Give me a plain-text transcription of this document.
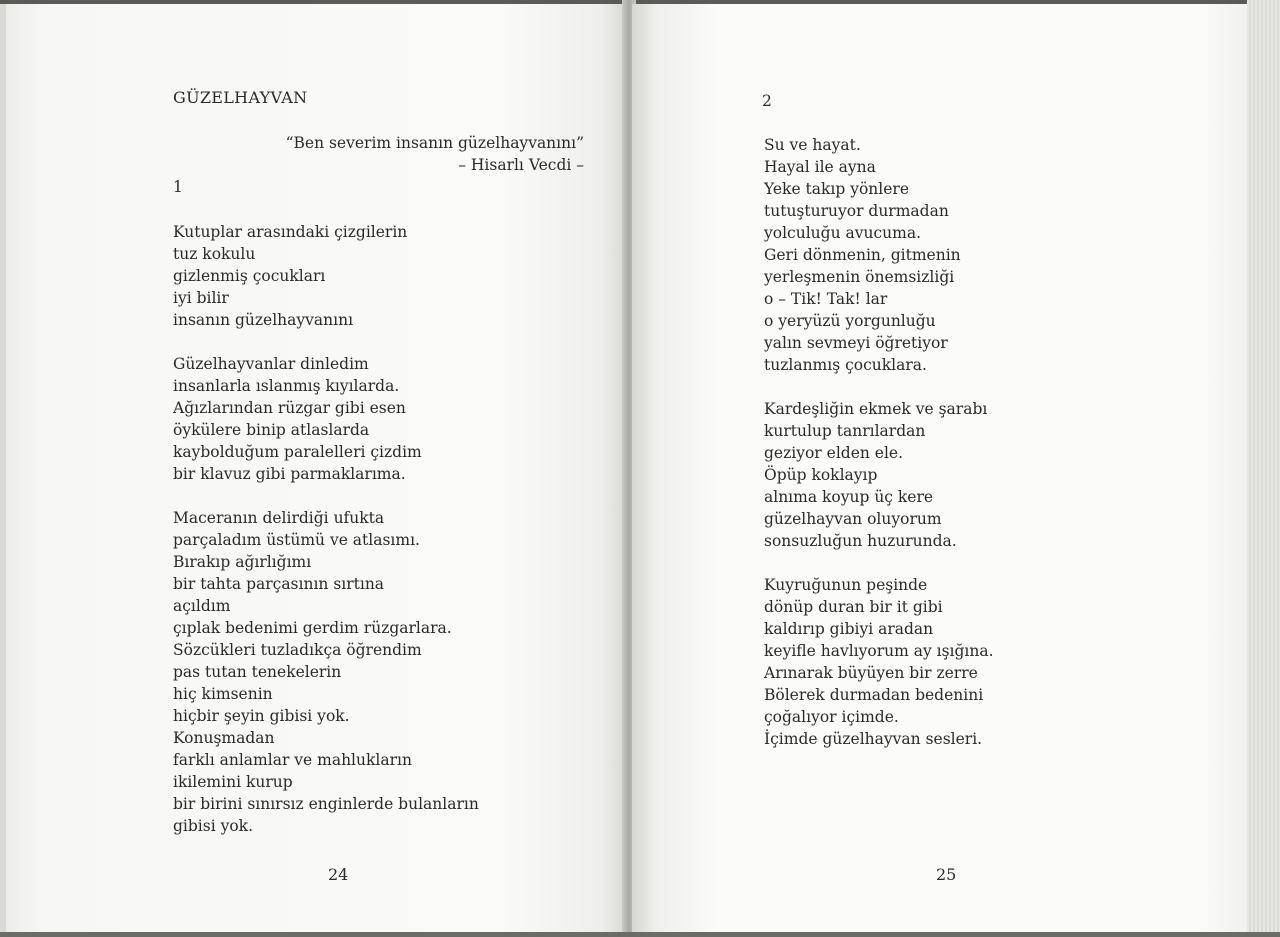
GÜZELHAYVAN
“Ben severim insanın güzelhayvanını”
– Hisarlı Vecdi –
1

Kutuplar arasındaki çizgilerin
tuz kokulu
gizlenmiş çocukları
iyi bilir
insanın güzelhayvanını

Güzelhayvanlar dinledim
insanlarla ıslanmış kıyılarda.
Ağızlarından rüzgar gibi esen
öykülere binip atlaslarda
kaybolduğum paralelleri çizdim
bir klavuz gibi parmaklarıma.

Maceranın delirdiği ufukta
parçaladım üstümü ve atlasımı.
Bırakıp ağırlığımı
bir tahta parçasının sırtına
açıldım
çıplak bedenimi gerdim rüzgarlara.
Sözcükleri tuzladıkça öğrendim
pas tutan tenekelerin
hiç kimsenin
hiçbir şeyin gibisi yok.
Konuşmadan
farklı anlamlar ve mahlukların
ikilemini kurup
bir birini sınırsız enginlerde bulanların
gibisi yok.

24
2

Su ve hayat.
Hayal ile ayna
Yeke takıp yönlere
tutuşturuyor durmadan
yolculuğu avucuma.
Geri dönmenin, gitmenin
yerleşmenin önemsizliği
o – Tik! Tak! lar
o yeryüzü yorgunluğu
yalın sevmeyi öğretiyor
tuzlanmış çocuklara.

Kardeşliğin ekmek ve şarabı
kurtulup tanrılardan
geziyor elden ele.
Öpüp koklayıp
alnıma koyup üç kere
güzelhayvan oluyorum
sonsuzluğun huzurunda.

Kuyruğunun peşinde
dönüp duran bir it gibi
kaldırıp gibiyi aradan
keyifle havlıyorum ay ışığına.
Arınarak büyüyen bir zerre
Bölerek durmadan bedenini
çoğalıyor içimde.
İçimde güzelhayvan sesleri.

25
